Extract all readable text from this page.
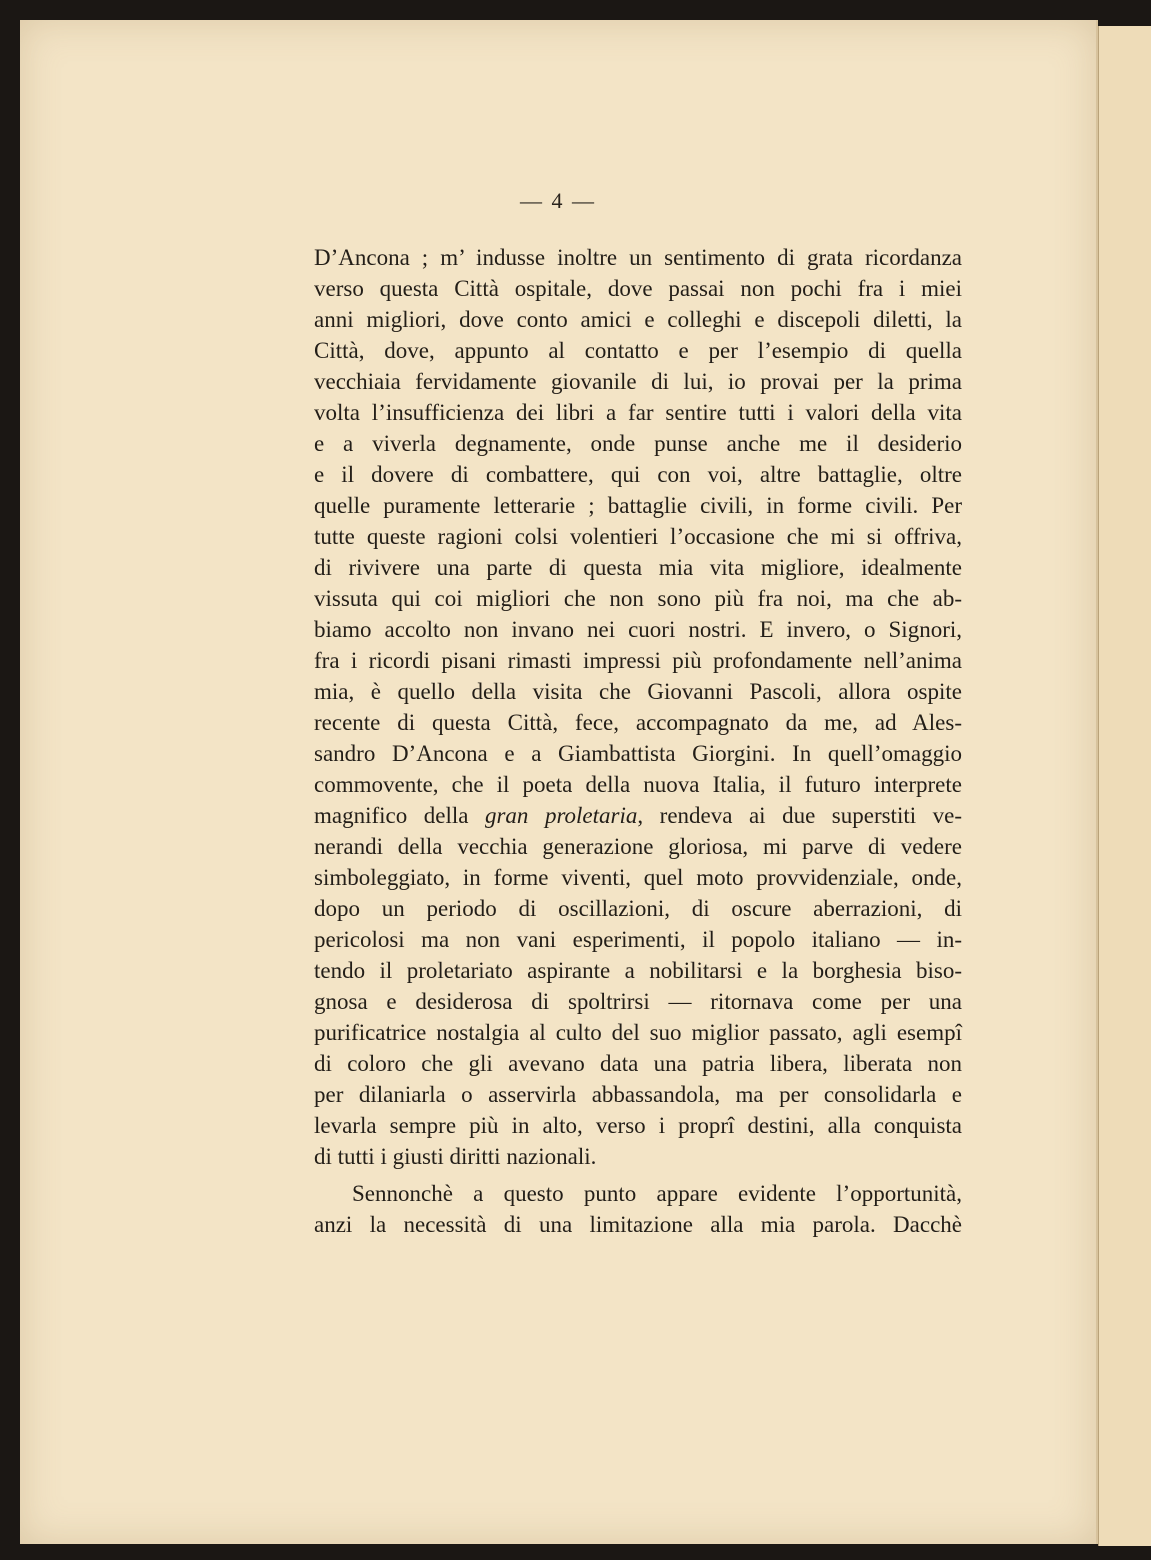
— 4 —
D’Ancona ; m’ indusse inoltre un sentimento di grata ricordanza
verso questa Città ospitale, dove passai non pochi fra i miei
anni migliori, dove conto amici e colleghi e discepoli diletti, la
Città, dove, appunto al contatto e per l’esempio di quella
vecchiaia fervidamente giovanile di lui, io provai per la prima
volta l’insufficienza dei libri a far sentire tutti i valori della vita
e a viverla degnamente, onde punse anche me il desiderio
e il dovere di combattere, qui con voi, altre battaglie, oltre
quelle puramente letterarie ; battaglie civili, in forme civili. Per
tutte queste ragioni colsi volentieri l’occasione che mi si offriva,
di rivivere una parte di questa mia vita migliore, idealmente
vissuta qui coi migliori che non sono più fra noi, ma che ab-
biamo accolto non invano nei cuori nostri. E invero, o Signori,
fra i ricordi pisani rimasti impressi più profondamente nell’anima
mia, è quello della visita che Giovanni Pascoli, allora ospite
recente di questa Città, fece, accompagnato da me, ad Ales-
sandro D’Ancona e a Giambattista Giorgini. In quell’omaggio
commovente, che il poeta della nuova Italia, il futuro interprete
magnifico della gran proletaria, rendeva ai due superstiti ve-
nerandi della vecchia generazione gloriosa, mi parve di vedere
simboleggiato, in forme viventi, quel moto provvidenziale, onde,
dopo un periodo di oscillazioni, di oscure aberrazioni, di
pericolosi ma non vani esperimenti, il popolo italiano — in-
tendo il proletariato aspirante a nobilitarsi e la borghesia biso-
gnosa e desiderosa di spoltrirsi — ritornava come per una
purificatrice nostalgia al culto del suo miglior passato, agli esempî
di coloro che gli avevano data una patria libera, liberata non
per dilaniarla o asservirla abbassandola, ma per consolidarla e
levarla sempre più in alto, verso i proprî destini, alla conquista
di tutti i giusti diritti nazionali.
Sennonchè a questo punto appare evidente l’opportunità,
anzi la necessità di una limitazione alla mia parola. Dacchè
